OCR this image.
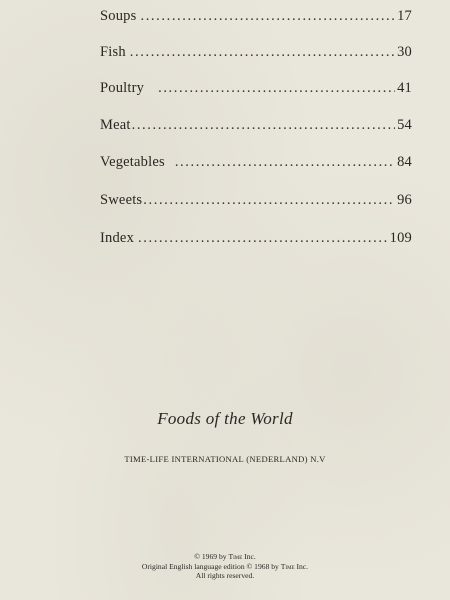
Soups .....	17
Fish .....	30
Poultry .....	41
Meat .....	54
Vegetables .....	84
Sweets .....	96
Index .....	109
Foods of the World
TIME-LIFE INTERNATIONAL (NEDERLAND) N.V
© 1969 by Time Inc.
Original English language edition © 1968 by Time Inc.
All rights reserved.
